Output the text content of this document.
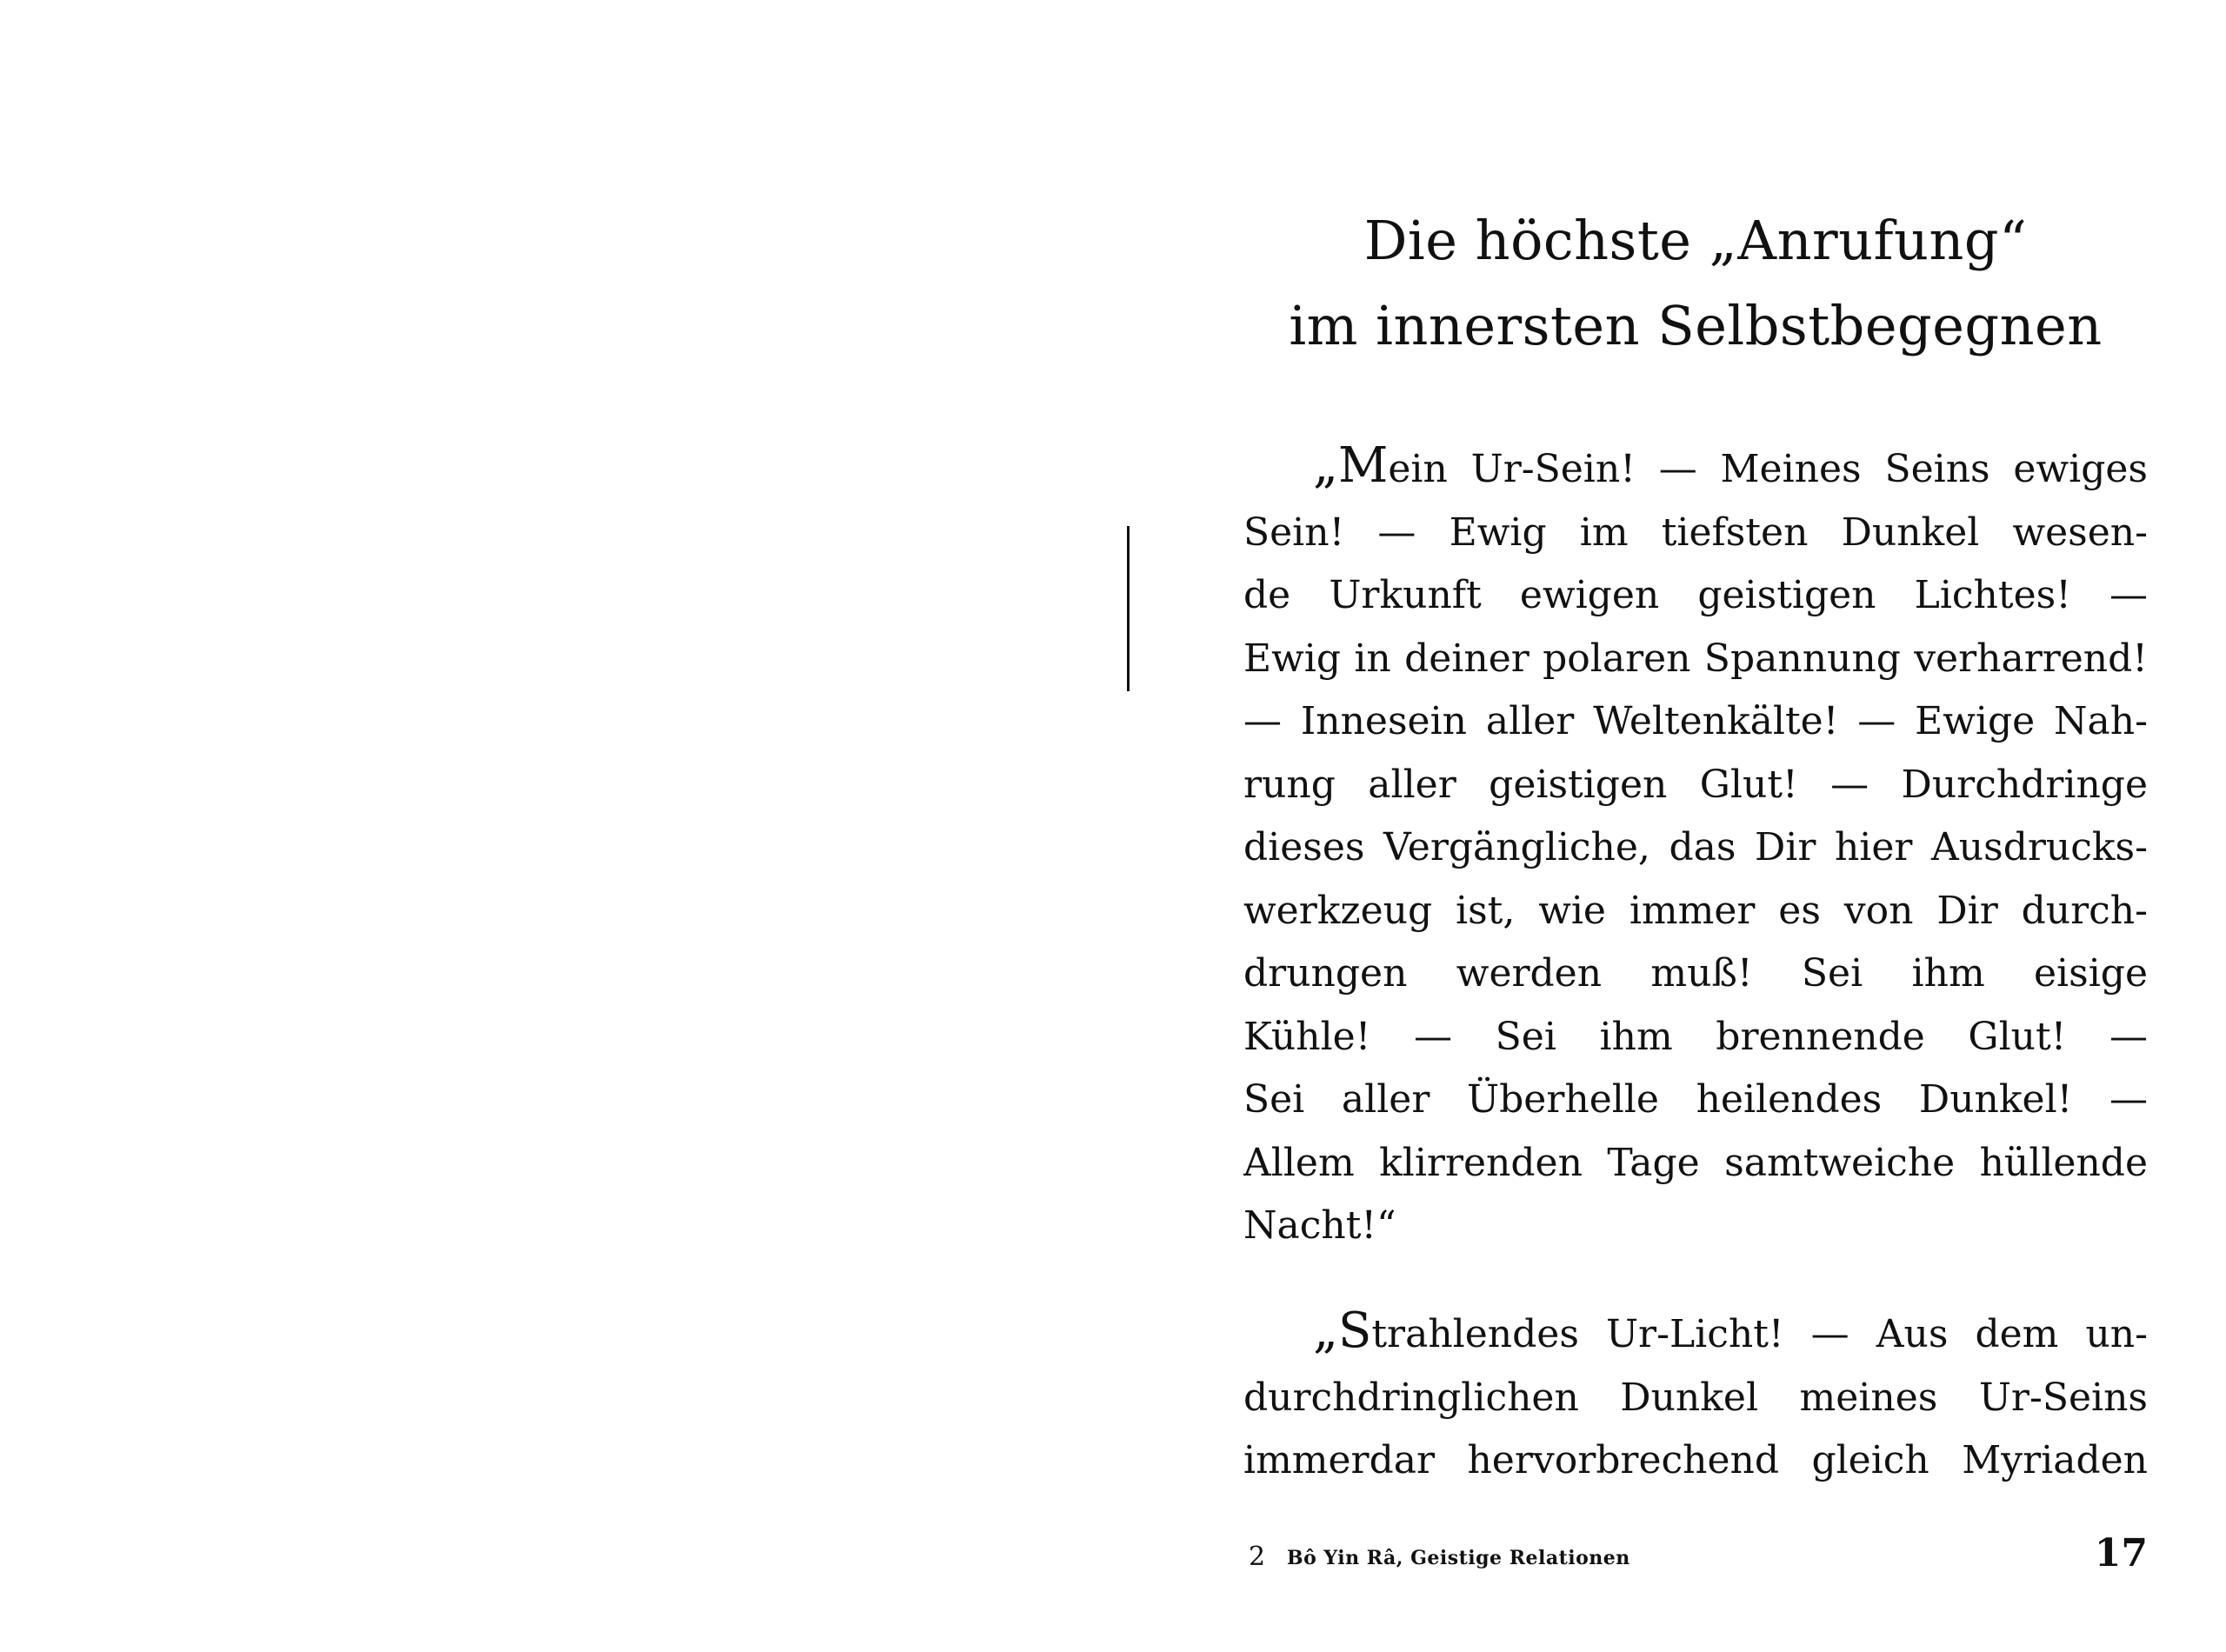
Die höchste „Anrufung“
im innersten Selbstbegegnen
„Mein Ur-Sein! — Meines Seins ewiges
Sein! — Ewig im tiefsten Dunkel wesen-
de Urkunft ewigen geistigen Lichtes! —
Ewig in deiner polaren Spannung verharrend!
— Innesein aller Weltenkälte! — Ewige Nah-
rung aller geistigen Glut! — Durchdringe
dieses Vergängliche, das Dir hier Ausdrucks-
werkzeug ist, wie immer es von Dir durch-
drungen werden muß! Sei ihm eisige
Kühle! — Sei ihm brennende Glut! —
Sei aller Überhelle heilendes Dunkel! —
Allem klirrenden Tage samtweiche hüllende
Nacht!“
„Strahlendes Ur-Licht! — Aus dem un-
durchdringlichen Dunkel meines Ur-Seins
immerdar hervorbrechend gleich Myriaden
2 Bô Yin Râ, Geistige Relationen	17
